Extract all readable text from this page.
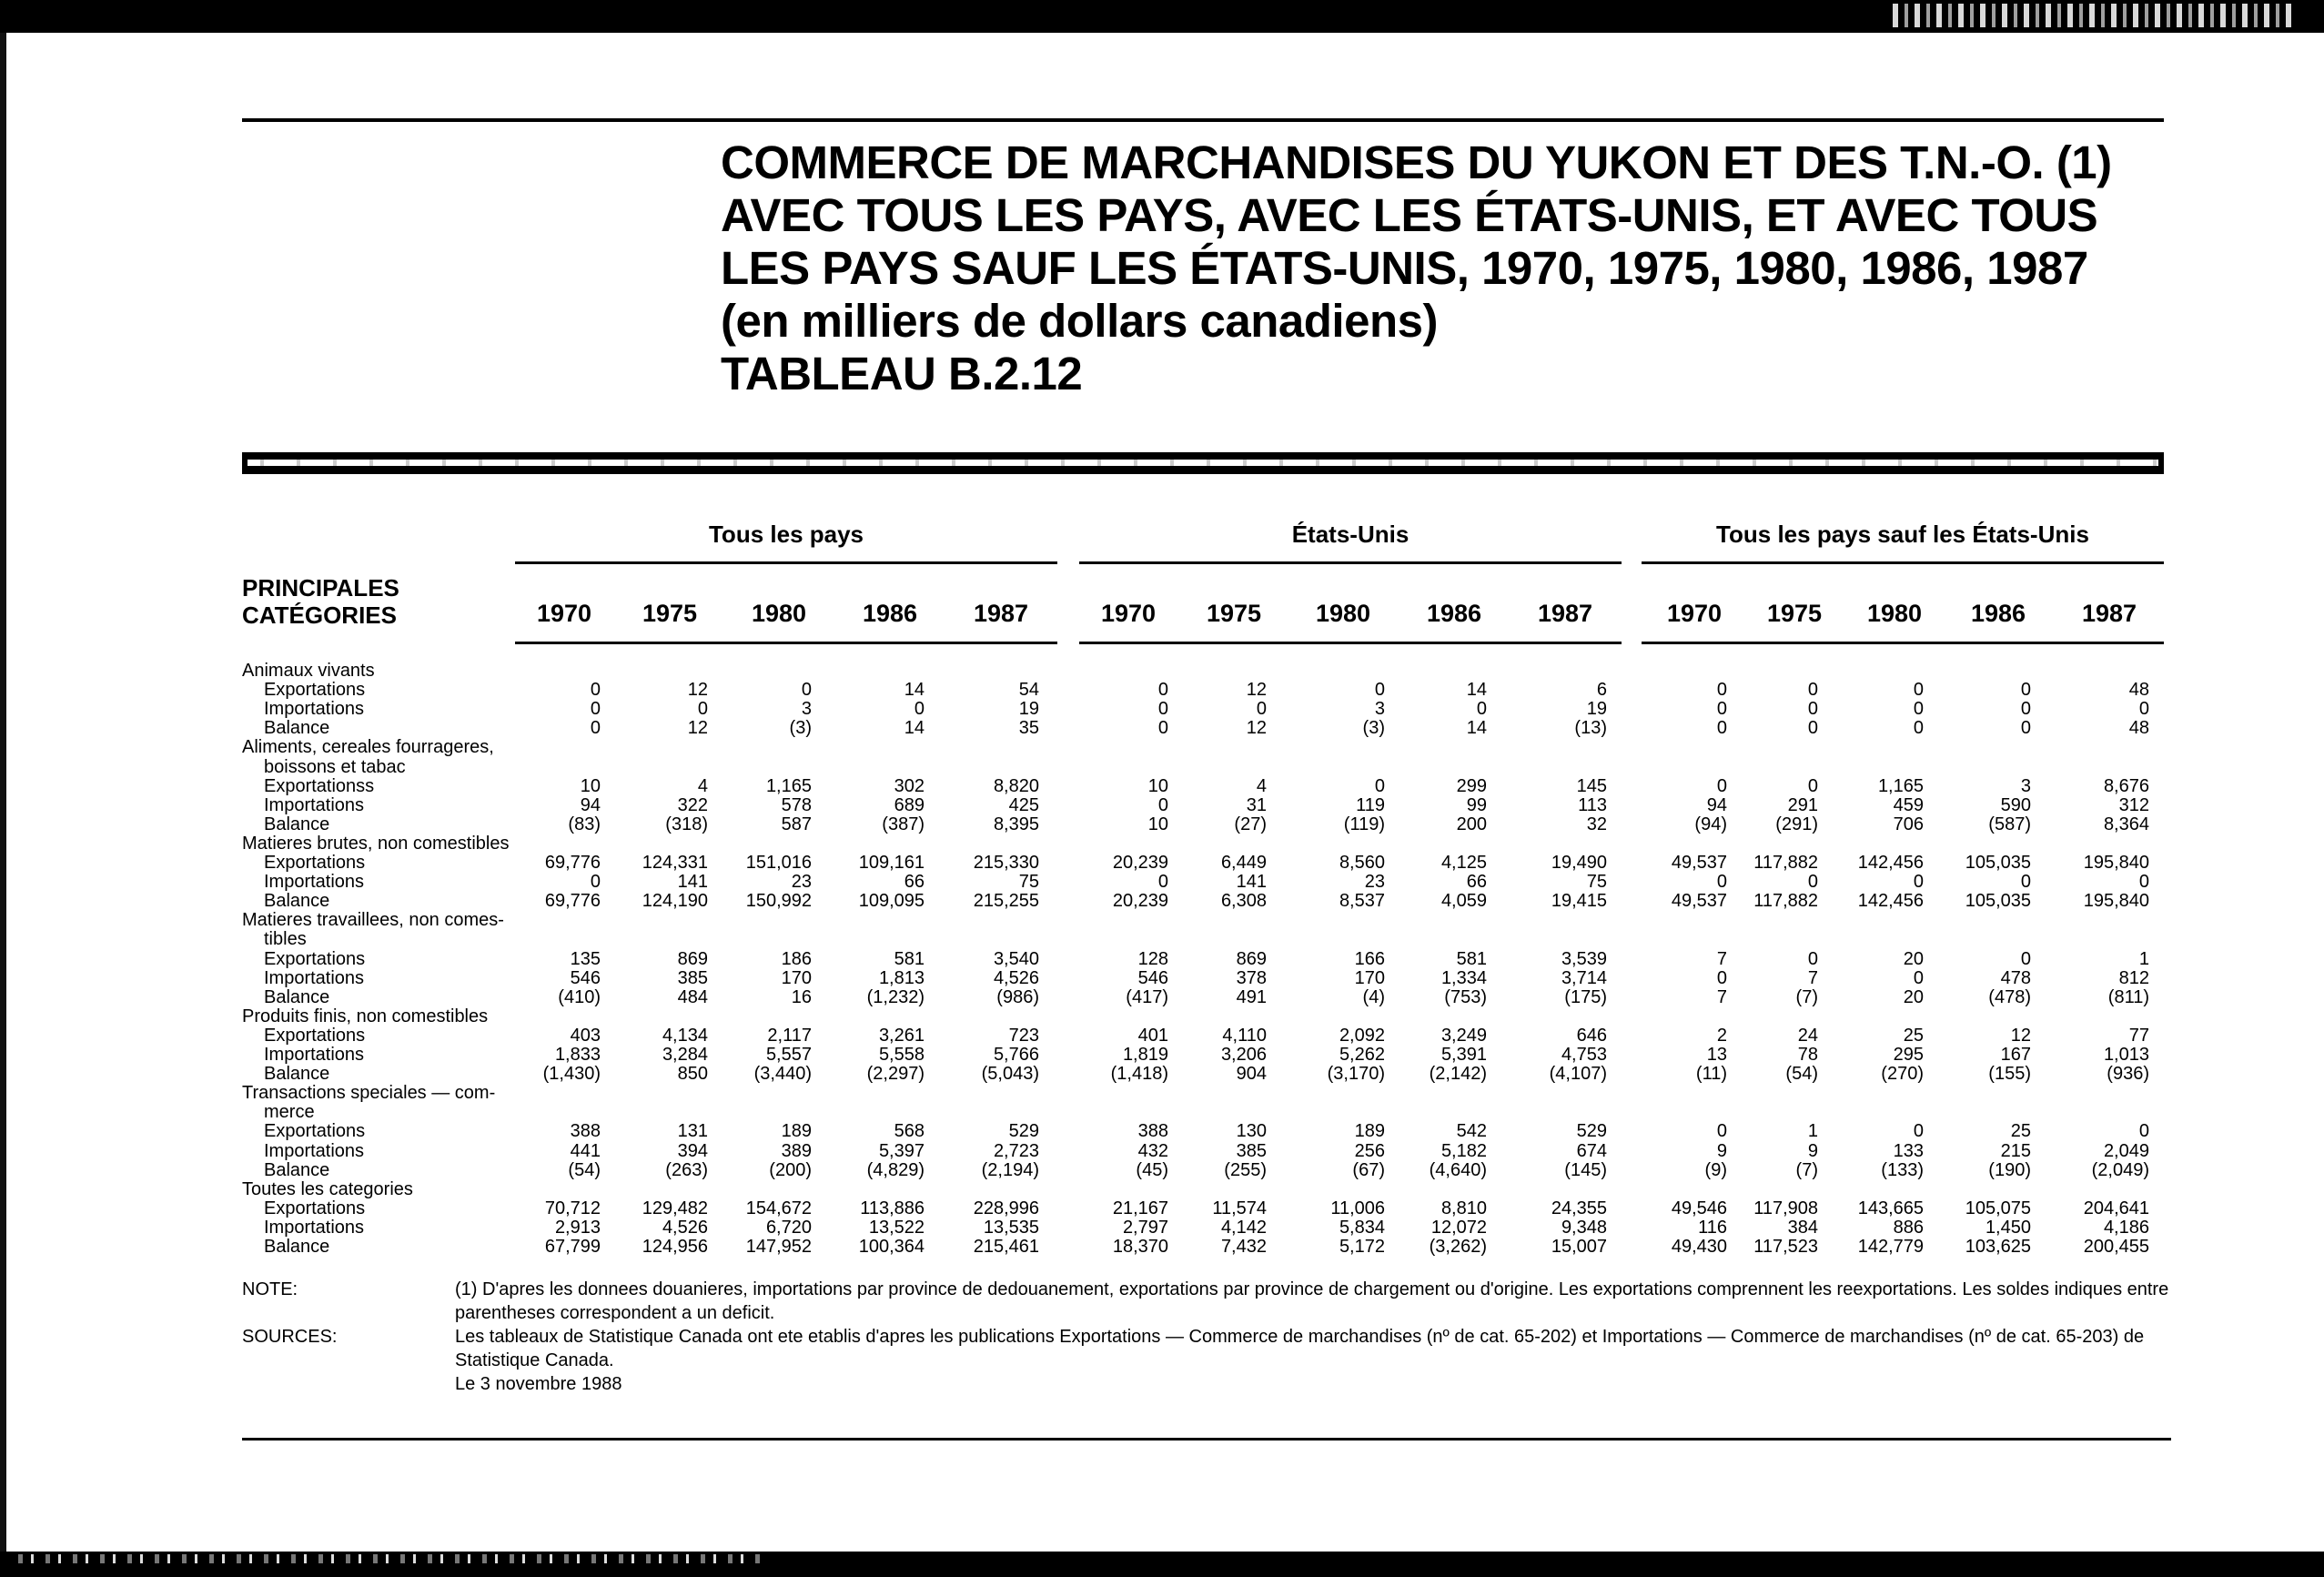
COMMERCE DE MARCHANDISES DU YUKON ET DES T.N.-O. (1)
AVEC TOUS LES PAYS, AVEC LES ÉTATS-UNIS, ET AVEC TOUS
LES PAYS SAUF LES ÉTATS-UNIS, 1970, 1975, 1980, 1986, 1987
(en milliers de dollars canadiens)
TABLEAU B.2.12
Tous les pays	États-Unis	Tous les pays sauf les États-Unis
PRINCIPALES
CATÉGORIES	1970	1975	1980	1986	1987	1970	1975	1980	1986	1987	1970	1975	1980	1986	1987
Animaux vivants
Exportations	0	12	0	14	54	0	12	0	14	6	0	0	0	0	48
Importations	0	0	3	0	19	0	0	3	0	19	0	0	0	0	0
Balance	0	12	(3)	14	35	0	12	(3)	14	(13)	0	0	0	0	48
Aliments, cereales fourrageres,
boissons et tabac
Exportationss	10	4	1,165	302	8,820	10	4	0	299	145	0	0	1,165	3	8,676
Importations	94	322	578	689	425	0	31	119	99	113	94	291	459	590	312
Balance	(83)	(318)	587	(387)	8,395	10	(27)	(119)	200	32	(94)	(291)	706	(587)	8,364
Matieres brutes, non comestibles
Exportations	69,776	124,331	151,016	109,161	215,330	20,239	6,449	8,560	4,125	19,490	49,537	117,882	142,456	105,035	195,840
Importations	0	141	23	66	75	0	141	23	66	75	0	0	0	0	0
Balance	69,776	124,190	150,992	109,095	215,255	20,239	6,308	8,537	4,059	19,415	49,537	117,882	142,456	105,035	195,840
Matieres travaillees, non comes-
tibles
Exportations	135	869	186	581	3,540	128	869	166	581	3,539	7	0	20	0	1
Importations	546	385	170	1,813	4,526	546	378	170	1,334	3,714	0	7	0	478	812
Balance	(410)	484	16	(1,232)	(986)	(417)	491	(4)	(753)	(175)	7	(7)	20	(478)	(811)
Produits finis, non comestibles
Exportations	403	4,134	2,117	3,261	723	401	4,110	2,092	3,249	646	2	24	25	12	77
Importations	1,833	3,284	5,557	5,558	5,766	1,819	3,206	5,262	5,391	4,753	13	78	295	167	1,013
Balance	(1,430)	850	(3,440)	(2,297)	(5,043)	(1,418)	904	(3,170)	(2,142)	(4,107)	(11)	(54)	(270)	(155)	(936)
Transactions speciales — com-
merce
Exportations	388	131	189	568	529	388	130	189	542	529	0	1	0	25	0
Importations	441	394	389	5,397	2,723	432	385	256	5,182	674	9	9	133	215	2,049
Balance	(54)	(263)	(200)	(4,829)	(2,194)	(45)	(255)	(67)	(4,640)	(145)	(9)	(7)	(133)	(190)	(2,049)
Toutes les categories
Exportations	70,712	129,482	154,672	113,886	228,996	21,167	11,574	11,006	8,810	24,355	49,546	117,908	143,665	105,075	204,641
Importations	2,913	4,526	6,720	13,522	13,535	2,797	4,142	5,834	12,072	9,348	116	384	886	1,450	4,186
Balance	67,799	124,956	147,952	100,364	215,461	18,370	7,432	5,172	(3,262)	15,007	49,430	117,523	142,779	103,625	200,455
NOTE:	(1) D'apres les donnees douanieres, importations par province de dedouanement, exportations par province de chargement ou d'origine. Les exportations comprennent les reexportations. Les soldes indiques entre parentheses correspondent a un deficit.
SOURCES:	Les tableaux de Statistique Canada ont ete etablis d'apres les publications Exportations — Commerce de marchandises (nº de cat. 65-202) et Importations — Commerce de marchandises (nº de cat. 65-203) de Statistique Canada.
Le 3 novembre 1988
